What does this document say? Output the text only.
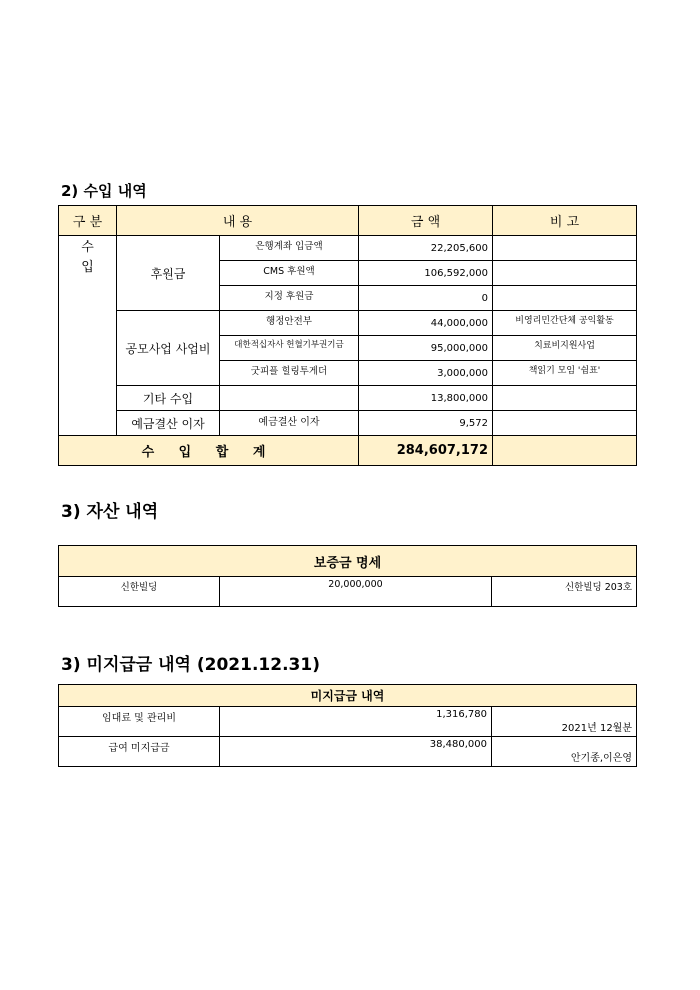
2) 수입 내역
구 분	내 용		금 액	비 고
수
입	후원금	은행계좌 입금액	22,205,600	
		CMS 후원액	106,592,000	
		지정 후원금	0	
	공모사업 사업비	행정안전부	44,000,000	비영리민간단체 공익활동
		대한적십자사 헌혈기부권기금	95,000,000	치료비지원사업
		굿피플 힐링투게더	3,000,000	책읽기 모임 '쉼표'
	기타 수입		13,800,000	
	예금결산 이자	예금결산 이자	9,572	
수 입 합 계			284,607,172	
3) 자산 내역
보증금 명세
신한빌딩	20,000,000	신한빌딩 203호
3) 미지급금 내역 (2021.12.31)
미지급금 내역		
임대료 및 관리비	1,316,780	2021년 12월분
급여 미지급금	38,480,000	안기종,이은영
